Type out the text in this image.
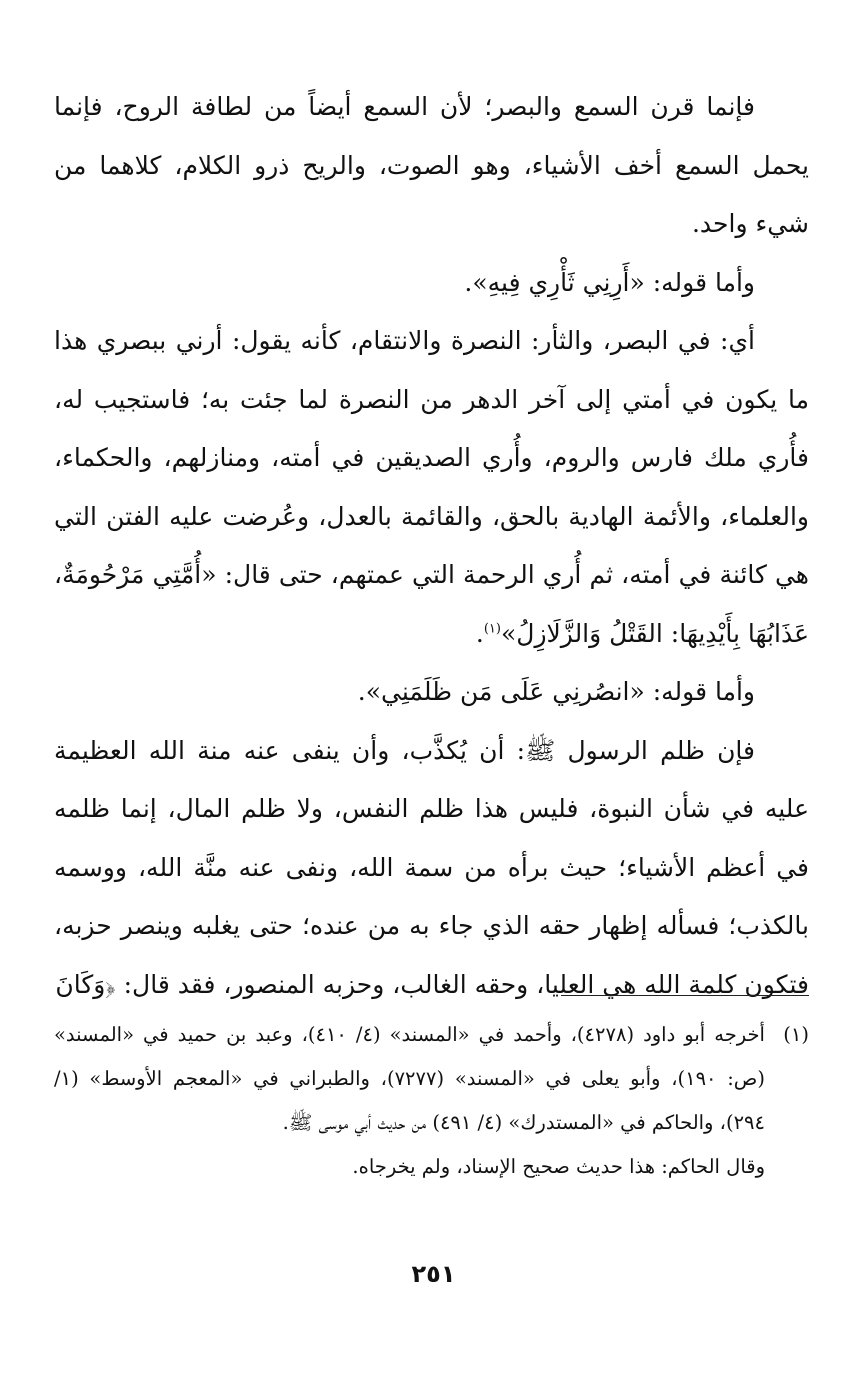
فإنما قرن السمع والبصر؛ لأن السمع أيضاً من لطافة الروح، فإنما يحمل السمع أخف الأشياء، وهو الصوت، والريح ذرو الكلام، كلاهما من شيء واحد.

وأما قوله: «أَرِنِي ثَأْرِي فِيهِ».

أي: في البصر، والثأر: النصرة والانتقام، كأنه يقول: أرني ببصري هذا ما يكون في أمتي إلى آخر الدهر من النصرة لما جئت به؛ فاستجيب له، فأُري ملك فارس والروم، وأُري الصديقين في أمته، ومنازلهم، والحكماء، والعلماء، والأئمة الهادية بالحق، والقائمة بالعدل، وعُرضت عليه الفتن التي هي كائنة في أمته، ثم أُري الرحمة التي عمتهم، حتى قال: «أُمَّتِي مَرْحُومَةٌ، عَذَابُهَا بِأَيْدِيهَا: القَتْلُ وَالزَّلَازِلُ»$^{(١)}$.

وأما قوله: «انصُرنِي عَلَى مَن ظَلَمَنِي».

فإن ظلم الرسول ﷺ: أن يُكذَّب، وأن ينفى عنه منة الله العظيمة عليه في شأن النبوة، فليس هذا ظلم النفس، ولا ظلم المال، إنما ظلمه في أعظم الأشياء؛ حيث برأه من سمة الله، ونفى عنه منَّة الله، ووسمه بالكذب؛ فسأله إظهار حقه الذي جاء به من عنده؛ حتى يغلبه وينصر حزبه، فتكون كلمة الله هي العليا، وحقه الغالب، وحزبه المنصور، فقد قال: ﴿وَكَانَ

(١)أخرجه أبو داود (٤٢٧٨)، وأحمد في «المسند» (٤/ ٤١٠)، وعبد بن حميد في «المسند» (ص: ١٩٠)، وأبو يعلى في «المسند» (٧٢٧٧)، والطبراني في «المعجم الأوسط» (١/ ٢٩٤)، والحاكم في «المستدرك» (٤/ ٤٩١) من حديث أبي موسى ﷺ.

وقال الحاكم: هذا حديث صحيح الإسناد، ولم يخرجاه.

٢٥١
